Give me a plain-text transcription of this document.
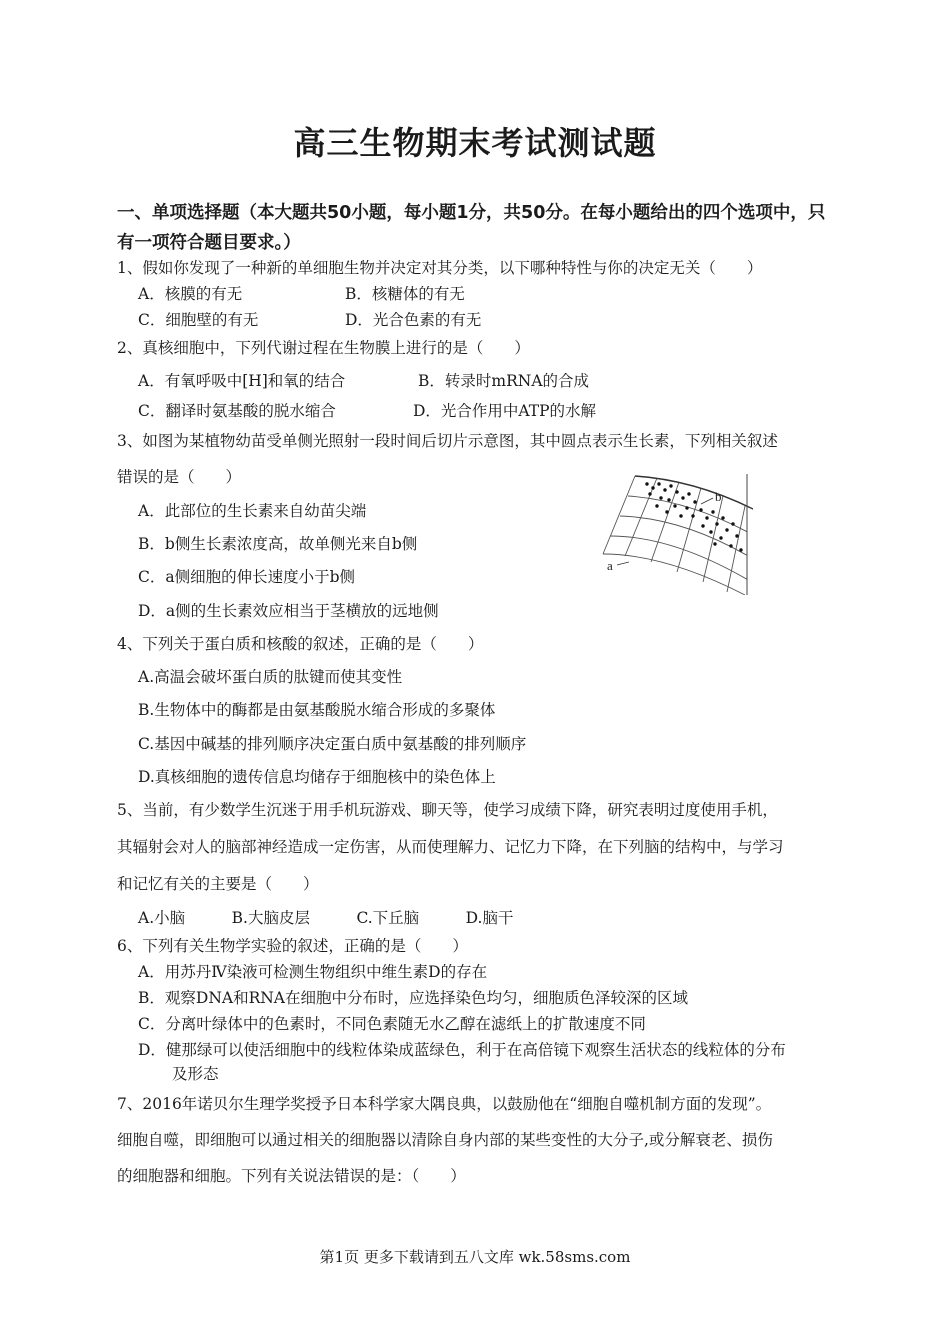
高三生物期末考试测试题
一、单项选择题（本大题共50小题，每小题1分，共50分。在每小题给出的四个选项中，只有一项符合题目要求。）
1、假如你发现了一种新的单细胞生物并决定对其分类，以下哪种特性与你的决定无关（　　）
A．核膜的有无	B．核糖体的有无
C．细胞壁的有无	D．光合色素的有无
2、真核细胞中，下列代谢过程在生物膜上进行的是（　　）
A．有氧呼吸中[H]和氧的结合	B．转录时mRNA的合成
C．翻译时氨基酸的脱水缩合	D．光合作用中ATP的水解
3、如图为某植物幼苗受单侧光照射一段时间后切片示意图，其中圆点表示生长素，下列相关叙述
错误的是（　　）
A．此部位的生长素来自幼苗尖端
B．b侧生长素浓度高，故单侧光来自b侧
C．a侧细胞的伸长速度小于b侧
D．a侧的生长素效应相当于茎横放的远地侧
b
a
4、下列关于蛋白质和核酸的叙述，正确的是（　　）
A.高温会破坏蛋白质的肽键而使其变性
B.生物体中的酶都是由氨基酸脱水缩合形成的多聚体
C.基因中碱基的排列顺序决定蛋白质中氨基酸的排列顺序
D.真核细胞的遗传信息均储存于细胞核中的染色体上
5、当前，有少数学生沉迷于用手机玩游戏、聊天等，使学习成绩下降，研究表明过度使用手机，
其辐射会对人的脑部神经造成一定伤害，从而使理解力、记忆力下降，在下列脑的结构中，与学习
和记忆有关的主要是（　　）
A.小脑　　　B.大脑皮层　　　C.下丘脑　　　D.脑干
6、下列有关生物学实验的叙述，正确的是（　　）
A．用苏丹Ⅳ染液可检测生物组织中维生素D的存在
B．观察DNA和RNA在细胞中分布时，应选择染色均匀，细胞质色泽较深的区域
C．分离叶绿体中的色素时，不同色素随无水乙醇在滤纸上的扩散速度不同
D．健那绿可以使活细胞中的线粒体染成蓝绿色，利于在高倍镜下观察生活状态的线粒体的分布
及形态
7、2016年诺贝尔生理学奖授予日本科学家大隅良典，以鼓励他在“细胞自噬机制方面的发现”。
细胞自噬，即细胞可以通过相关的细胞器以清除自身内部的某些变性的大分子,或分解衰老、损伤
的细胞器和细胞。下列有关说法错误的是：（　　）
第1页 更多下载请到五八文库 wk.58sms.com
